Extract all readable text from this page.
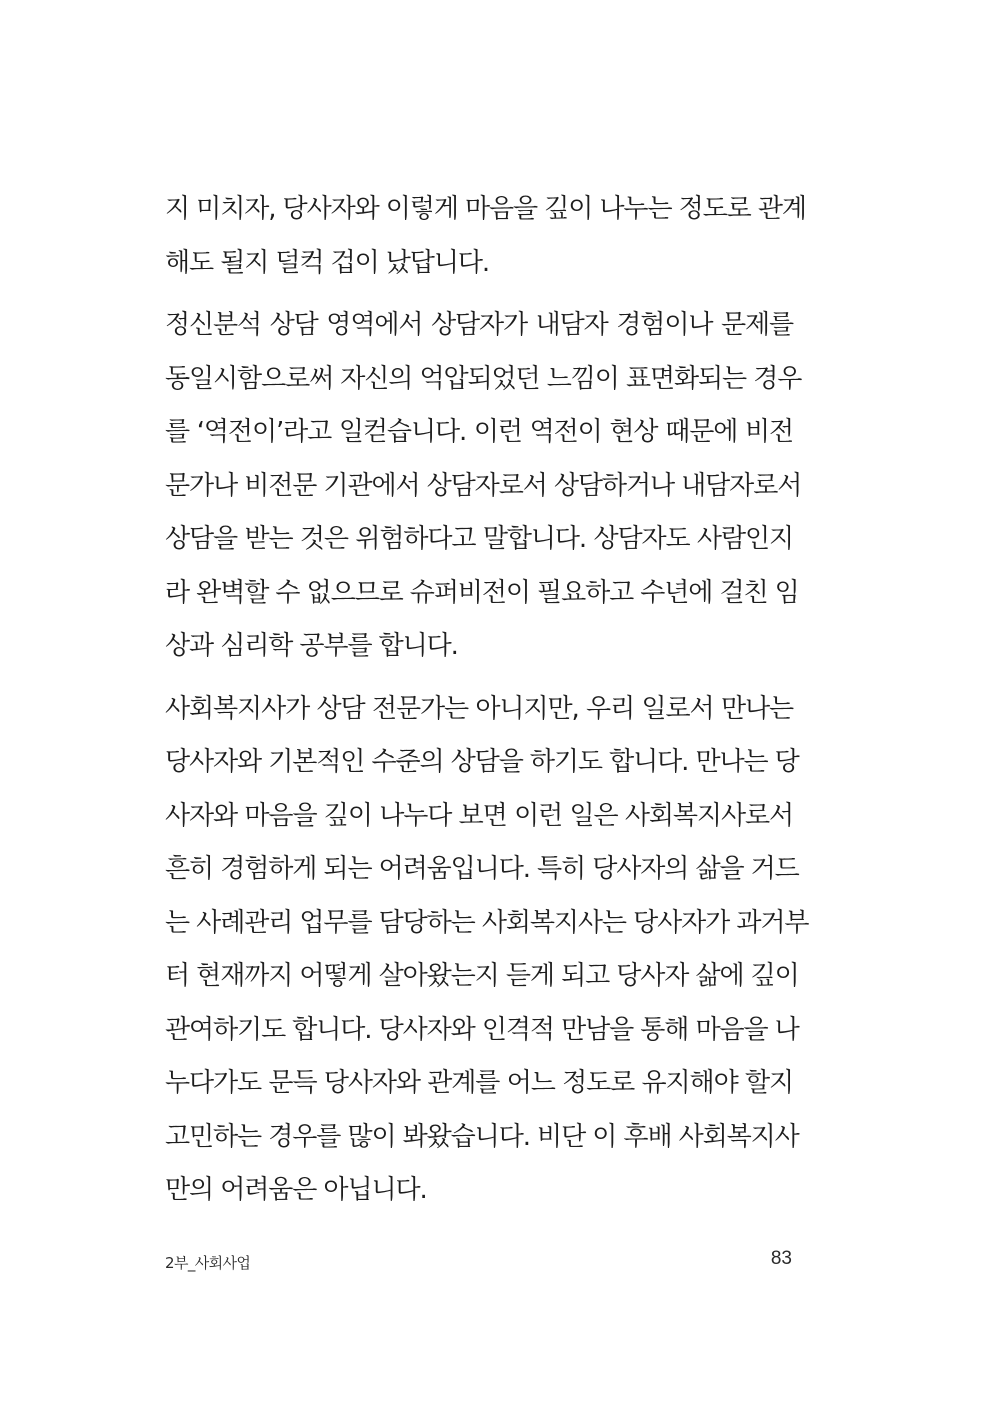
지 미치자, 당사자와 이렇게 마음을 깊이 나누는 정도로 관계
해도 될지 덜컥 겁이 났답니다.
정신분석 상담 영역에서 상담자가 내담자 경험이나 문제를
동일시함으로써 자신의 억압되었던 느낌이 표면화되는 경우
를 ‘역전이’라고 일컫습니다. 이런 역전이 현상 때문에 비전
문가나 비전문 기관에서 상담자로서 상담하거나 내담자로서
상담을 받는 것은 위험하다고 말합니다. 상담자도 사람인지
라 완벽할 수 없으므로 슈퍼비전이 필요하고 수년에 걸친 임
상과 심리학 공부를 합니다.
사회복지사가 상담 전문가는 아니지만, 우리 일로서 만나는
당사자와 기본적인 수준의 상담을 하기도 합니다. 만나는 당
사자와 마음을 깊이 나누다 보면 이런 일은 사회복지사로서
흔히 경험하게 되는 어려움입니다. 특히 당사자의 삶을 거드
는 사례관리 업무를 담당하는 사회복지사는 당사자가 과거부
터 현재까지 어떻게 살아왔는지 듣게 되고 당사자 삶에 깊이
관여하기도 합니다. 당사자와 인격적 만남을 통해 마음을 나
누다가도 문득 당사자와 관계를 어느 정도로 유지해야 할지
고민하는 경우를 많이 봐왔습니다. 비단 이 후배 사회복지사
만의 어려움은 아닙니다.
2부_사회사업	83
